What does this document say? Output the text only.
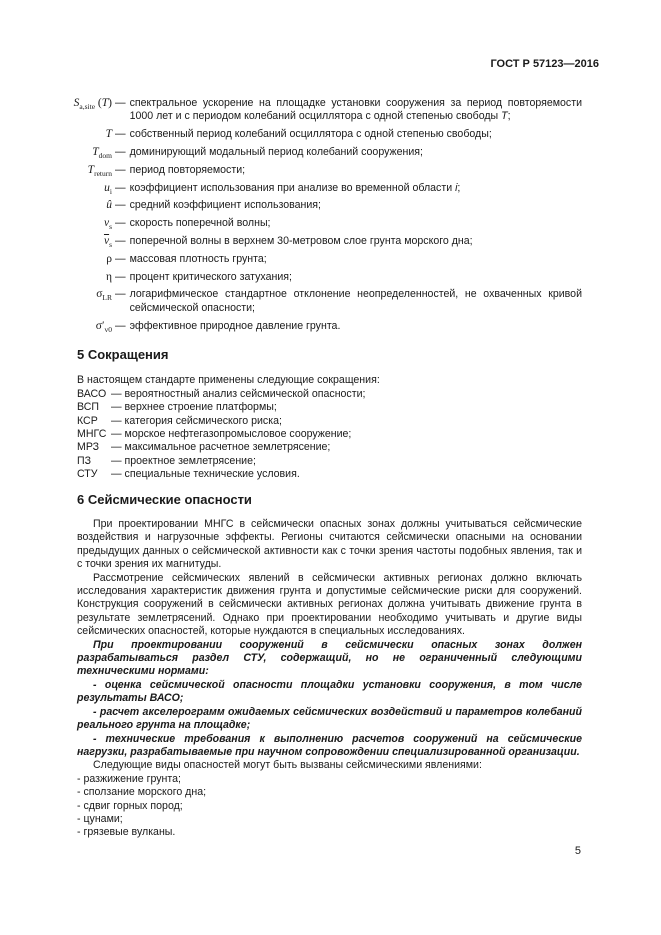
ГОСТ Р 57123—2016
$S_{a,site}$ (T) — спектральное ускорение на площадке установки сооружения за период повторяемости 1000 лет и с периодом колебаний осциллятора с одной степенью свободы T;
T — собственный период колебаний осциллятора с одной степенью свободы;
$T_{dom}$ — доминирующий модальный период колебаний сооружения;
$T_{return}$ — период повторяемости;
$u_i$ — коэффициент использования при анализе во временной области i;
û — средний коэффициент использования;
$v_s$ — скорость поперечной волны;
$\overline{v}_s$ — поперечной волны в верхнем 30-метровом слое грунта морского дна;
ρ — массовая плотность грунта;
η — процент критического затухания;
$\sigma_{LR}$ — логарифмическое стандартное отклонение неопределенностей, не охваченных кривой сейсмической опасности;
$\sigma'_{v0}$ — эффективное природное давление грунта.
5 Сокращения
В настоящем стандарте применены следующие сокращения:
ВАСО — вероятностный анализ сейсмической опасности;
ВСП	— верхнее строение платформы;
КСР	— категория сейсмического риска;
МНГС — морское нефтегазопромысловое сооружение;
МРЗ	— максимальное расчетное землетрясение;
ПЗ	— проектное землетрясение;
СТУ	— специальные технические условия.
6 Сейсмические опасности

При проектировании МНГС в сейсмически опасных зонах должны учитываться сейсмические воздействия и нагрузочные эффекты. Регионы считаются сейсмически опасными на основании предыдущих данных о сейсмической активности как с точки зрения частоты подобных явления, так и с точки зрения их магнитуды.

Рассмотрение сейсмических явлений в сейсмически активных регионах должно включать исследования характеристик движения грунта и допустимые сейсмические риски для сооружений. Конструкция сооружений в сейсмически активных регионах должна учитывать движение грунта в результате землетрясений. Однако при проектировании необходимо учитывать и другие виды сейсмических опасностей, которые нуждаются в специальных исследованиях.

При проектировании сооружений в сейсмически опасных зонах должен разрабатываться раздел СТУ, содержащий, но не ограниченный следующими техническими нормами:

- оценка сейсмической опасности площадки установки сооружения, в том числе результаты ВАСО;

- расчет акселерограмм ожидаемых сейсмических воздействий и параметров колебаний реального грунта на площадке;

- технические требования к выполнению расчетов сооружений на сейсмические нагрузки, разрабатываемые при научном сопровождении специализированной организации.

Следующие виды опасностей могут быть вызваны сейсмическими явлениями:

- разжижение грунта;

- сползание морского дна;

- сдвиг горных пород;

- цунами;

- грязевые вулканы.

5
